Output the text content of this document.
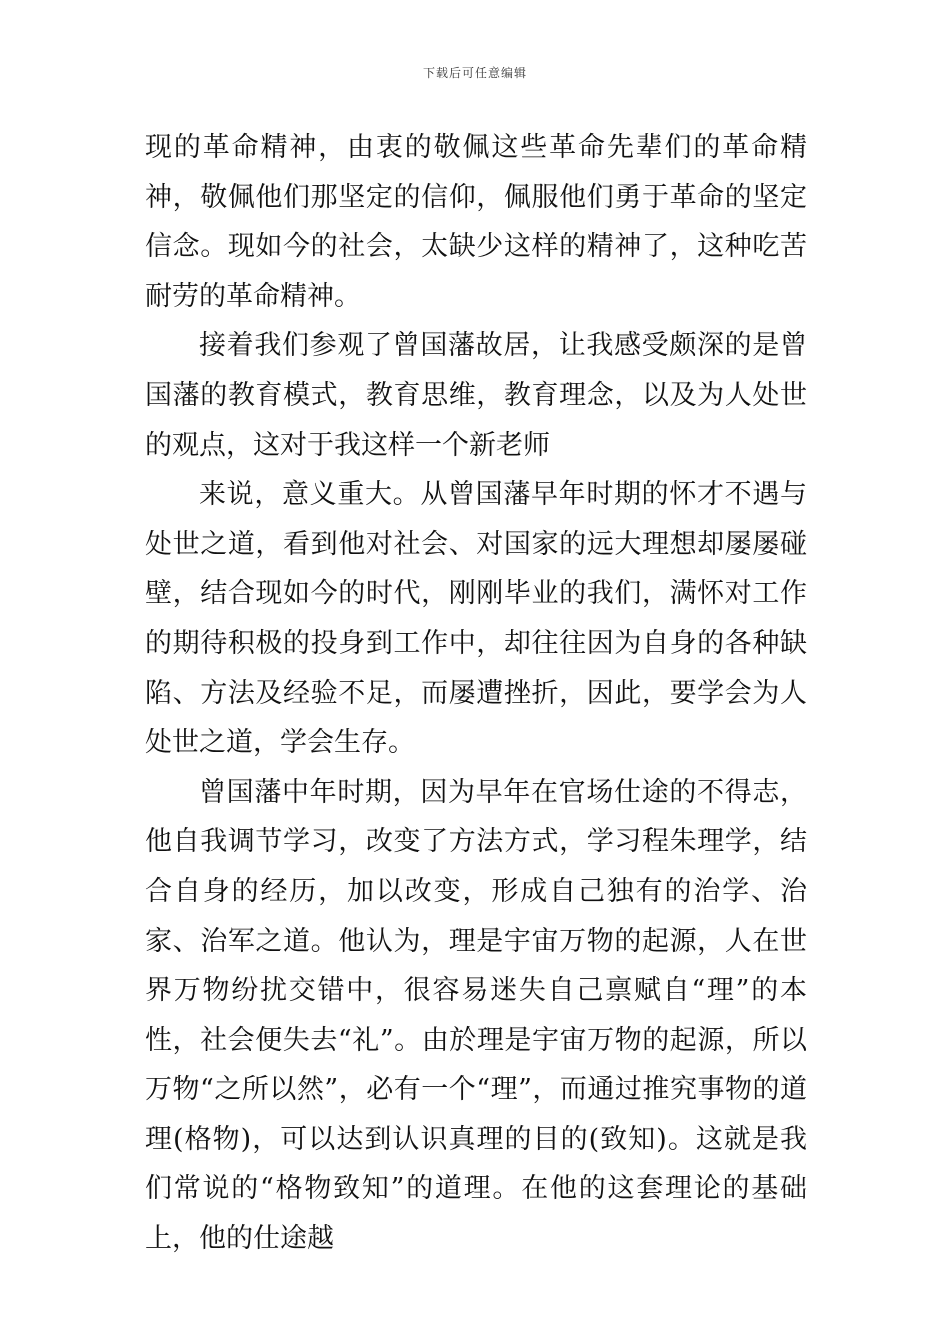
下载后可任意编辑

现的革命精神，由衷的敬佩这些革命先辈们的革命精神，敬佩他们那坚定的信仰，佩服他们勇于革命的坚定信念。现如今的社会，太缺少这样的精神了，这种吃苦耐劳的革命精神。

接着我们参观了曾国藩故居，让我感受颇深的是曾国藩的教育模式，教育思维，教育理念，以及为人处世的观点，这对于我这样一个新老师

来说，意义重大。从曾国藩早年时期的怀才不遇与处世之道，看到他对社会、对国家的远大理想却屡屡碰壁，结合现如今的时代，刚刚毕业的我们，满怀对工作的期待积极的投身到工作中，却往往因为自身的各种缺陷、方法及经验不足，而屡遭挫折，因此，要学会为人处世之道，学会生存。

曾国藩中年时期，因为早年在官场仕途的不得志，他自我调节学习，改变了方法方式，学习程朱理学，结合自身的经历，加以改变，形成自己独有的治学、治家、治军之道。他认为，理是宇宙万物的起源，人在世界万物纷扰交错中，很容易迷失自己禀赋自“理”的本性，社会便失去“礼”。由於理是宇宙万物的起源，所以万物“之所以然”，必有一个“理”，而通过推究事物的道理(格物)，可以达到认识真理的目的(致知)。这就是我们常说的“格物致知”的道理。在他的这套理论的基础上，他的仕途越
